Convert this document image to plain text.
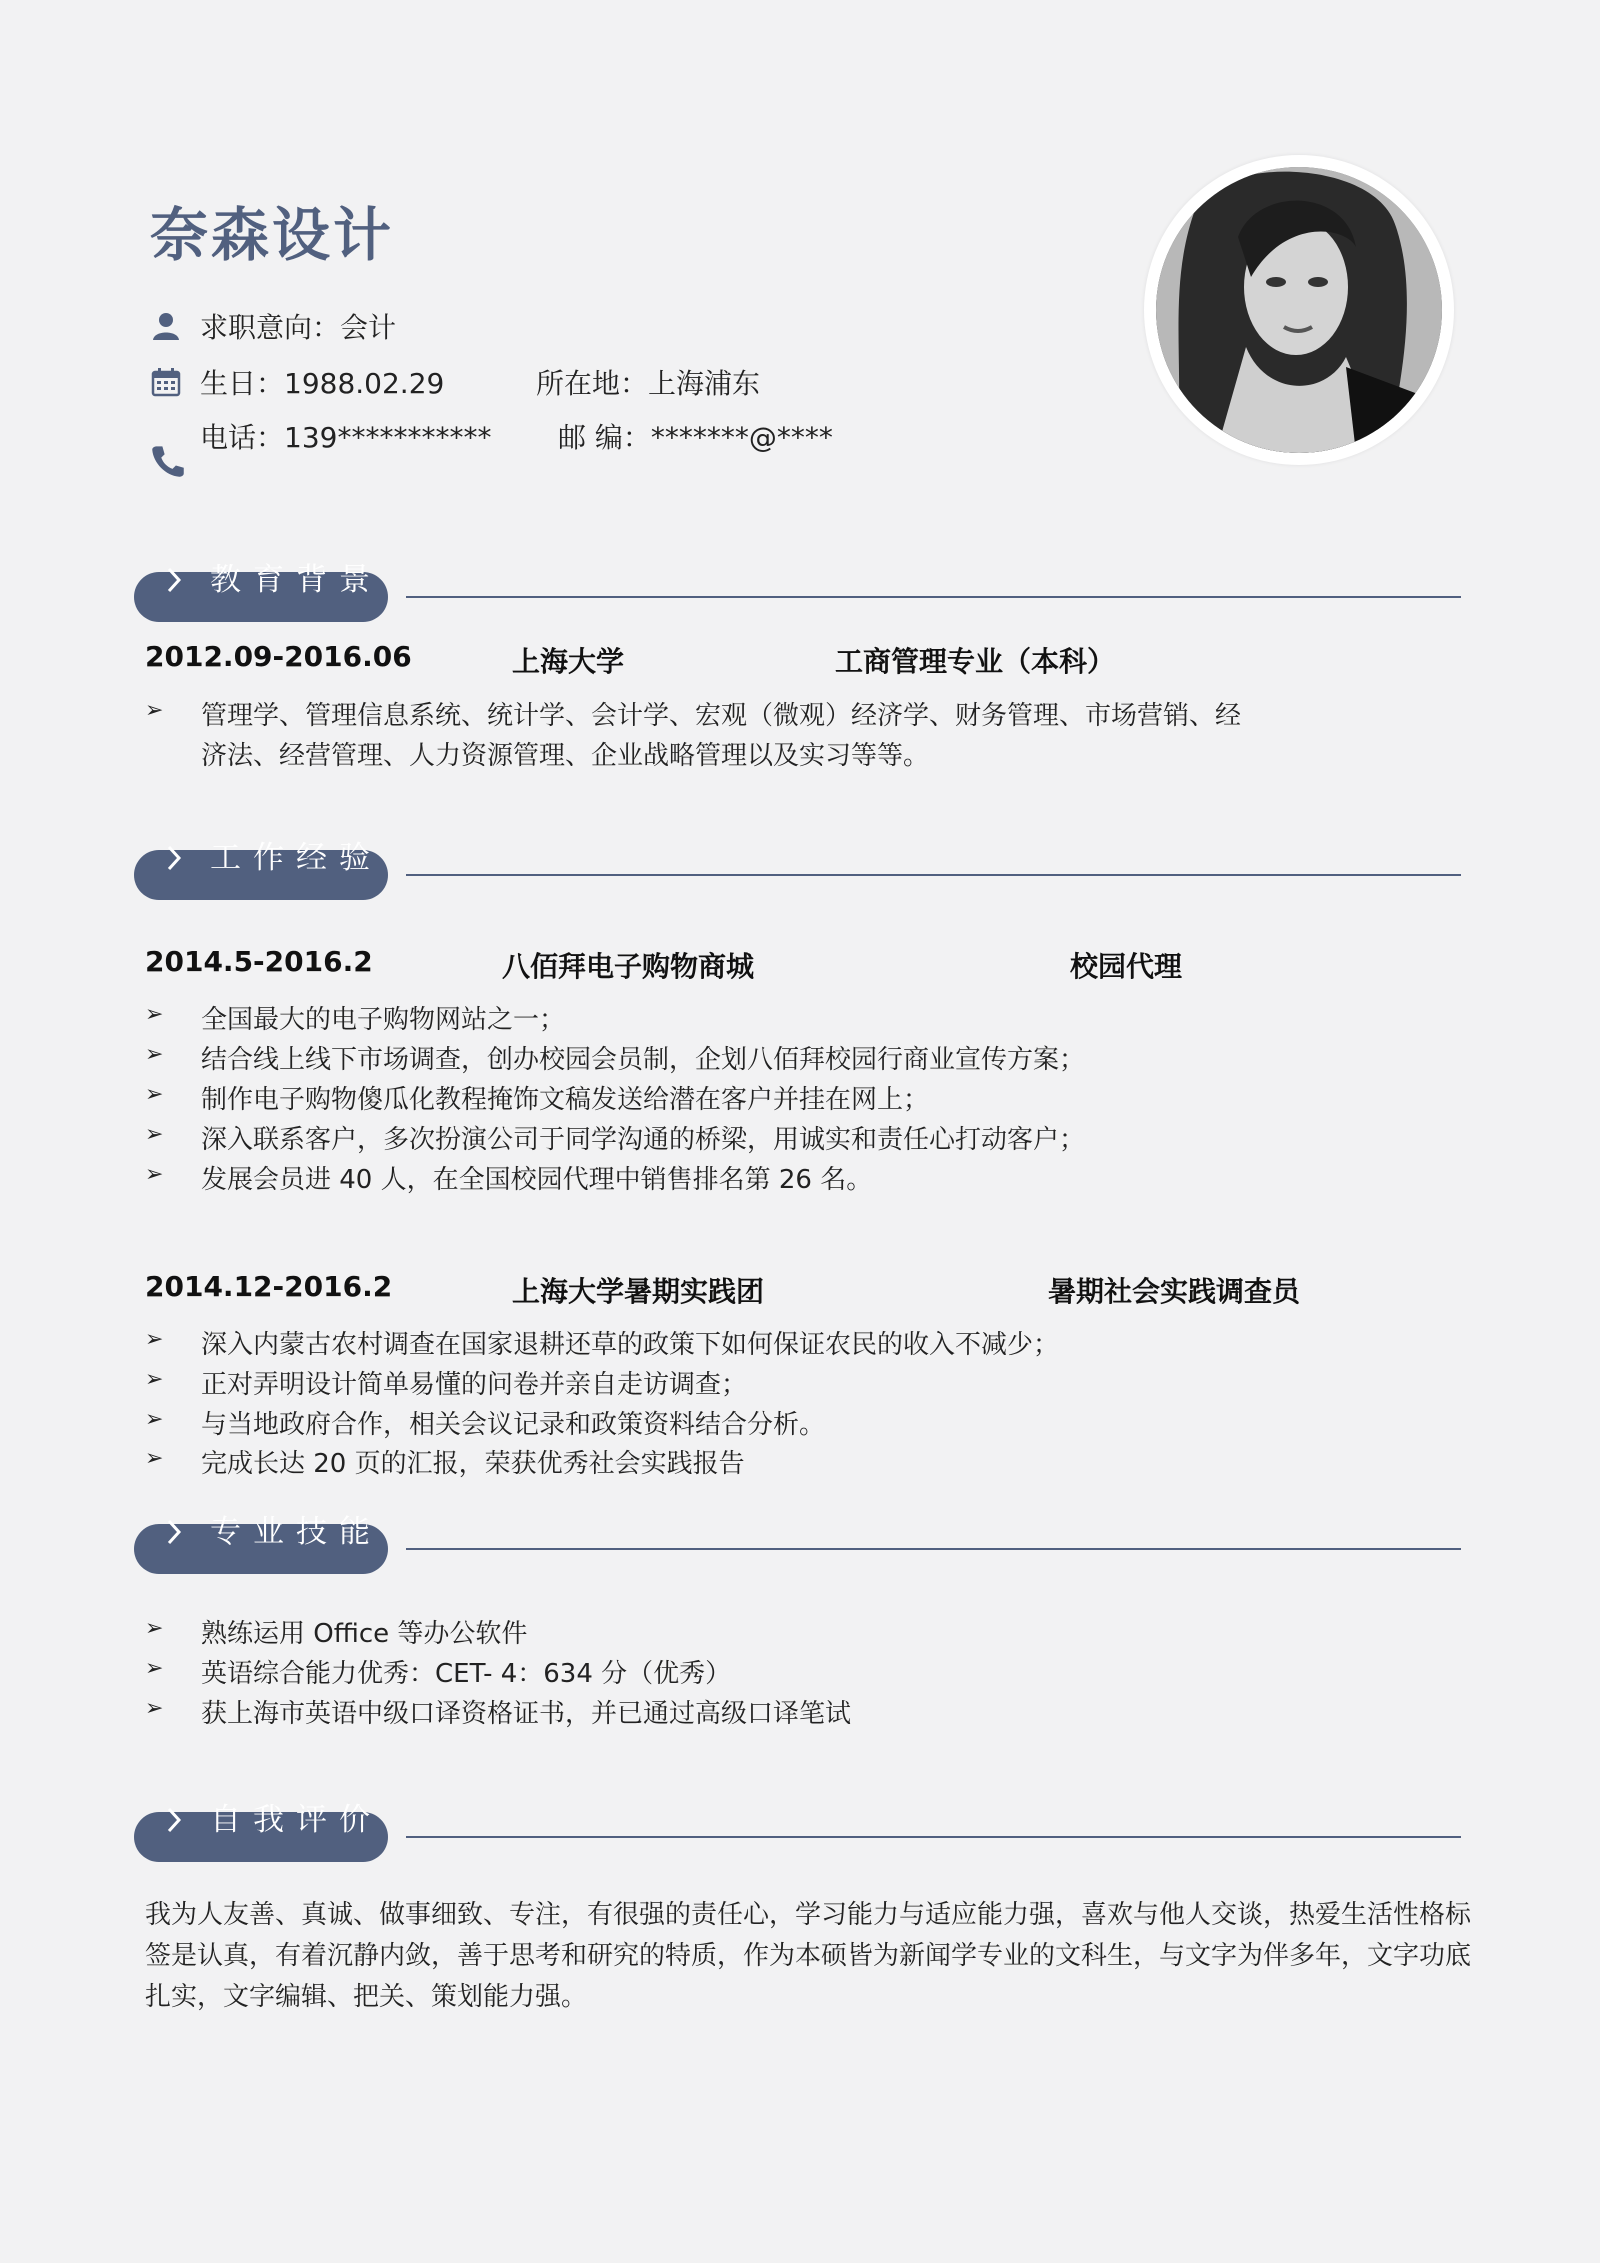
奈森设计
求职意向：会计
生日：1988.02.29	所在地：上海浦东
电话：139*********** 邮 编：*******@****
教育背景
2012.09-2016.06	上海大学	工商管理专业（本科）
➢	管理学、管理信息系统、统计学、会计学、宏观（微观）经济学、财务管理、市场营销、经
济法、经营管理、人力资源管理、企业战略管理以及实习等等。
工作经验
2014.5-2016.2	八佰拜电子购物商城	校园代理
➢	全国最大的电子购物网站之一；
➢	结合线上线下市场调查，创办校园会员制，企划八佰拜校园行商业宣传方案；
➢	制作电子购物傻瓜化教程掩饰文稿发送给潜在客户并挂在网上；
➢	深入联系客户，多次扮演公司于同学沟通的桥梁，用诚实和责任心打动客户；
➢	发展会员进 40 人，在全国校园代理中销售排名第 26 名。
2014.12-2016.2	上海大学暑期实践团	暑期社会实践调查员
➢	深入内蒙古农村调查在国家退耕还草的政策下如何保证农民的收入不减少；
➢	正对弄明设计简单易懂的问卷并亲自走访调查；
➢	与当地政府合作，相关会议记录和政策资料结合分析。
➢	完成长达 20 页的汇报，荣获优秀社会实践报告
专业技能
➢	熟练运用 Office 等办公软件
➢	英语综合能力优秀：CET- 4：634 分（优秀）
➢	获上海市英语中级口译资格证书，并已通过高级口译笔试
自我评价
我为人友善、真诚、做事细致、专注，有很强的责任心，学习能力与适应能力强，喜欢与他人交谈，热爱生活性格标签是认真，有着沉静内敛，善于思考和研究的特质，作为本硕皆为新闻学专业的文科生，与文字为伴多年，文字功底扎实，文字编辑、把关、策划能力强。
